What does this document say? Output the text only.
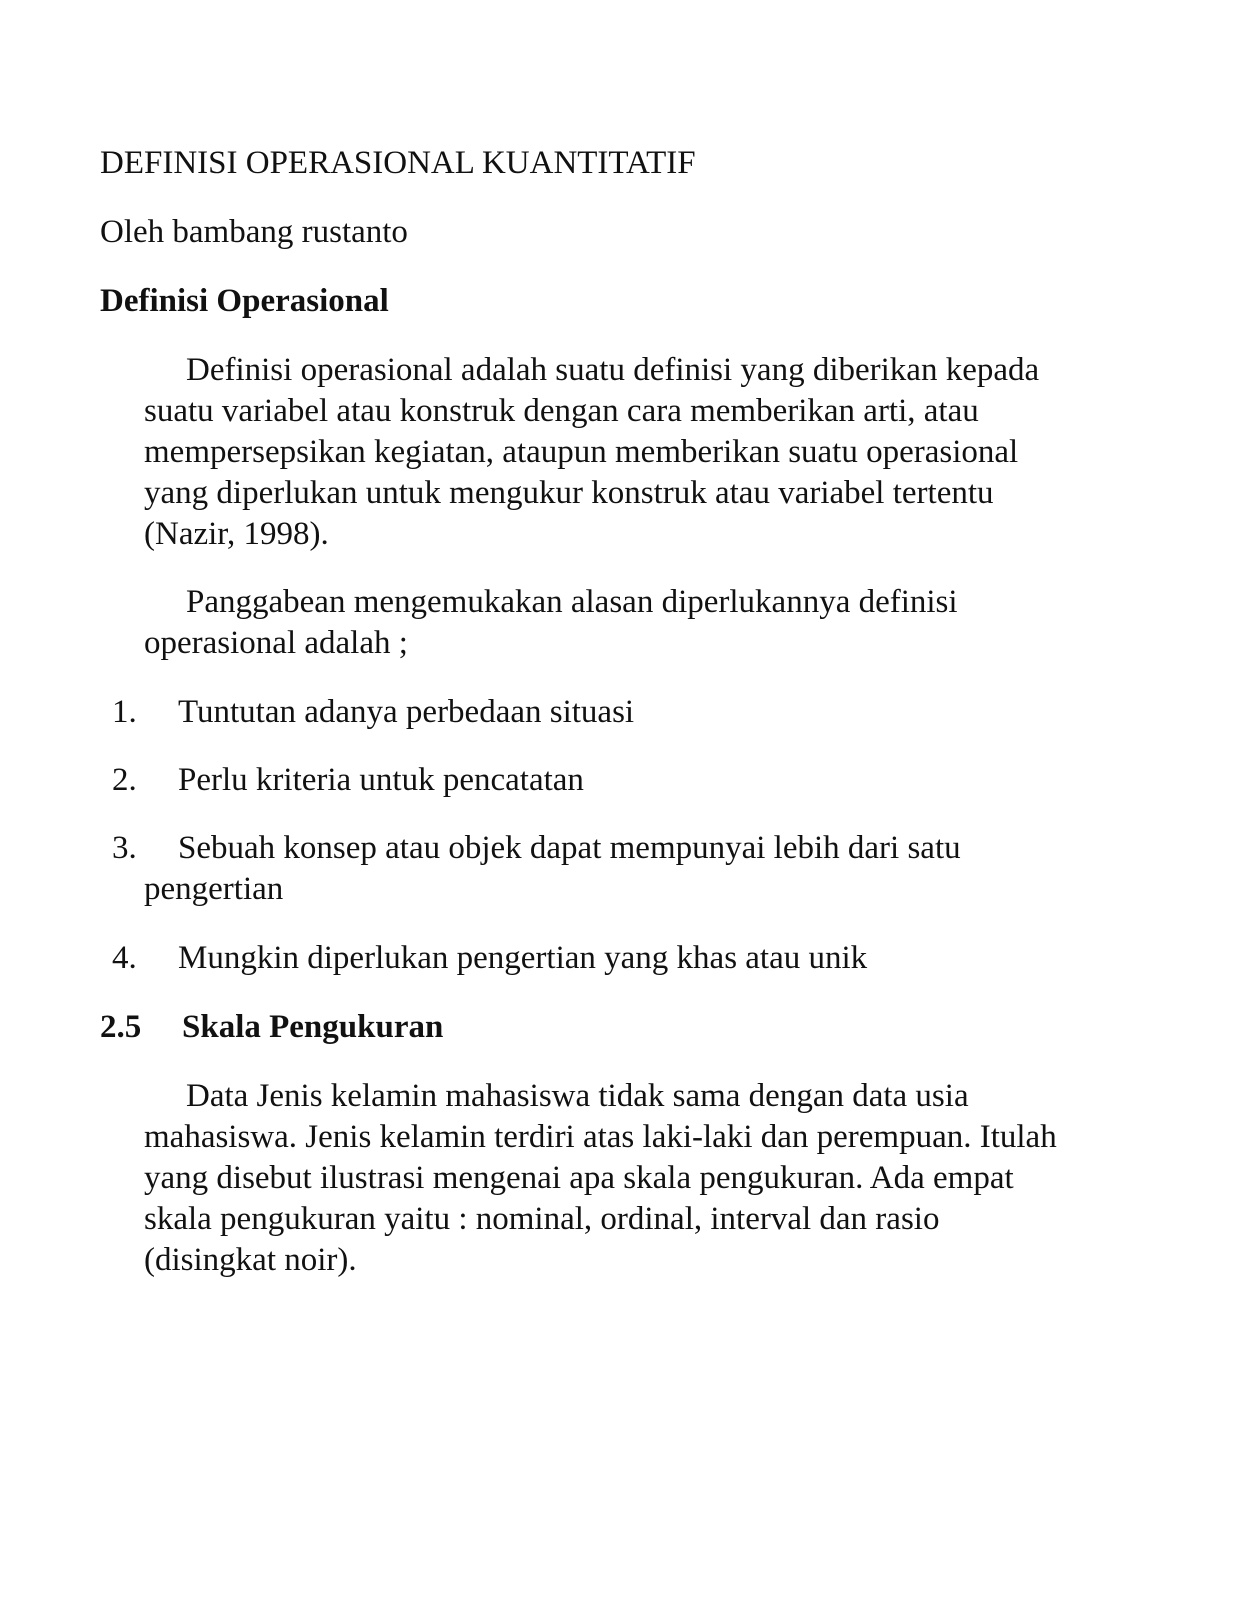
DEFINISI OPERASIONAL KUANTITATIF
Oleh bambang rustanto
Definisi Operasional
Definisi operasional adalah suatu definisi yang diberikan kepada suatu variabel atau konstruk dengan cara memberikan arti, atau mempersepsikan kegiatan, ataupun memberikan suatu operasional yang diperlukan untuk mengukur konstruk atau variabel tertentu (Nazir, 1998).
Panggabean mengemukakan alasan diperlukannya definisi operasional adalah ;
1. Tuntutan adanya perbedaan situasi
2. Perlu kriteria untuk pencatatan
3. Sebuah konsep atau objek dapat mempunyai lebih dari satu
pengertian
4. Mungkin diperlukan pengertian yang khas atau unik
2.5 Skala Pengukuran
Data Jenis kelamin mahasiswa tidak sama dengan data usia mahasiswa. Jenis kelamin terdiri atas laki-laki dan perempuan. Itulah yang disebut ilustrasi mengenai apa skala pengukuran. Ada empat skala pengukuran yaitu : nominal, ordinal, interval dan rasio (disingkat noir).
